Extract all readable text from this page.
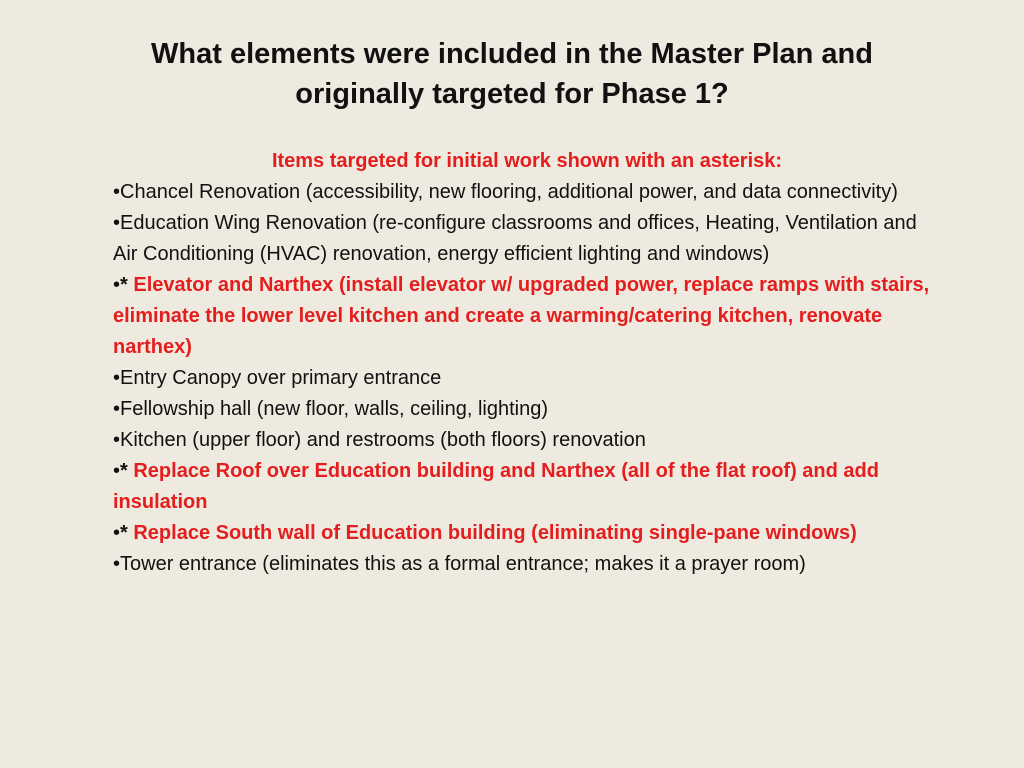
What elements were included in the Master Plan and originally targeted for Phase 1?

Items targeted for initial work shown with an asterisk:

•Chancel Renovation (accessibility, new flooring, additional power, and data connectivity)
•Education Wing Renovation (re-configure classrooms and offices, Heating, Ventilation and Air Conditioning (HVAC) renovation, energy efficient lighting and windows)
•* Elevator and Narthex (install elevator w/ upgraded power, replace ramps with stairs, eliminate the lower level kitchen and create a warming/catering kitchen, renovate narthex)
•Entry Canopy over primary entrance
•Fellowship hall (new floor, walls, ceiling, lighting)
•Kitchen (upper floor) and restrooms (both floors) renovation
•* Replace Roof over Education building and Narthex (all of the flat roof) and add insulation
•* Replace South wall of Education building (eliminating single-pane windows)
•Tower entrance (eliminates this as a formal entrance; makes it a prayer room)
